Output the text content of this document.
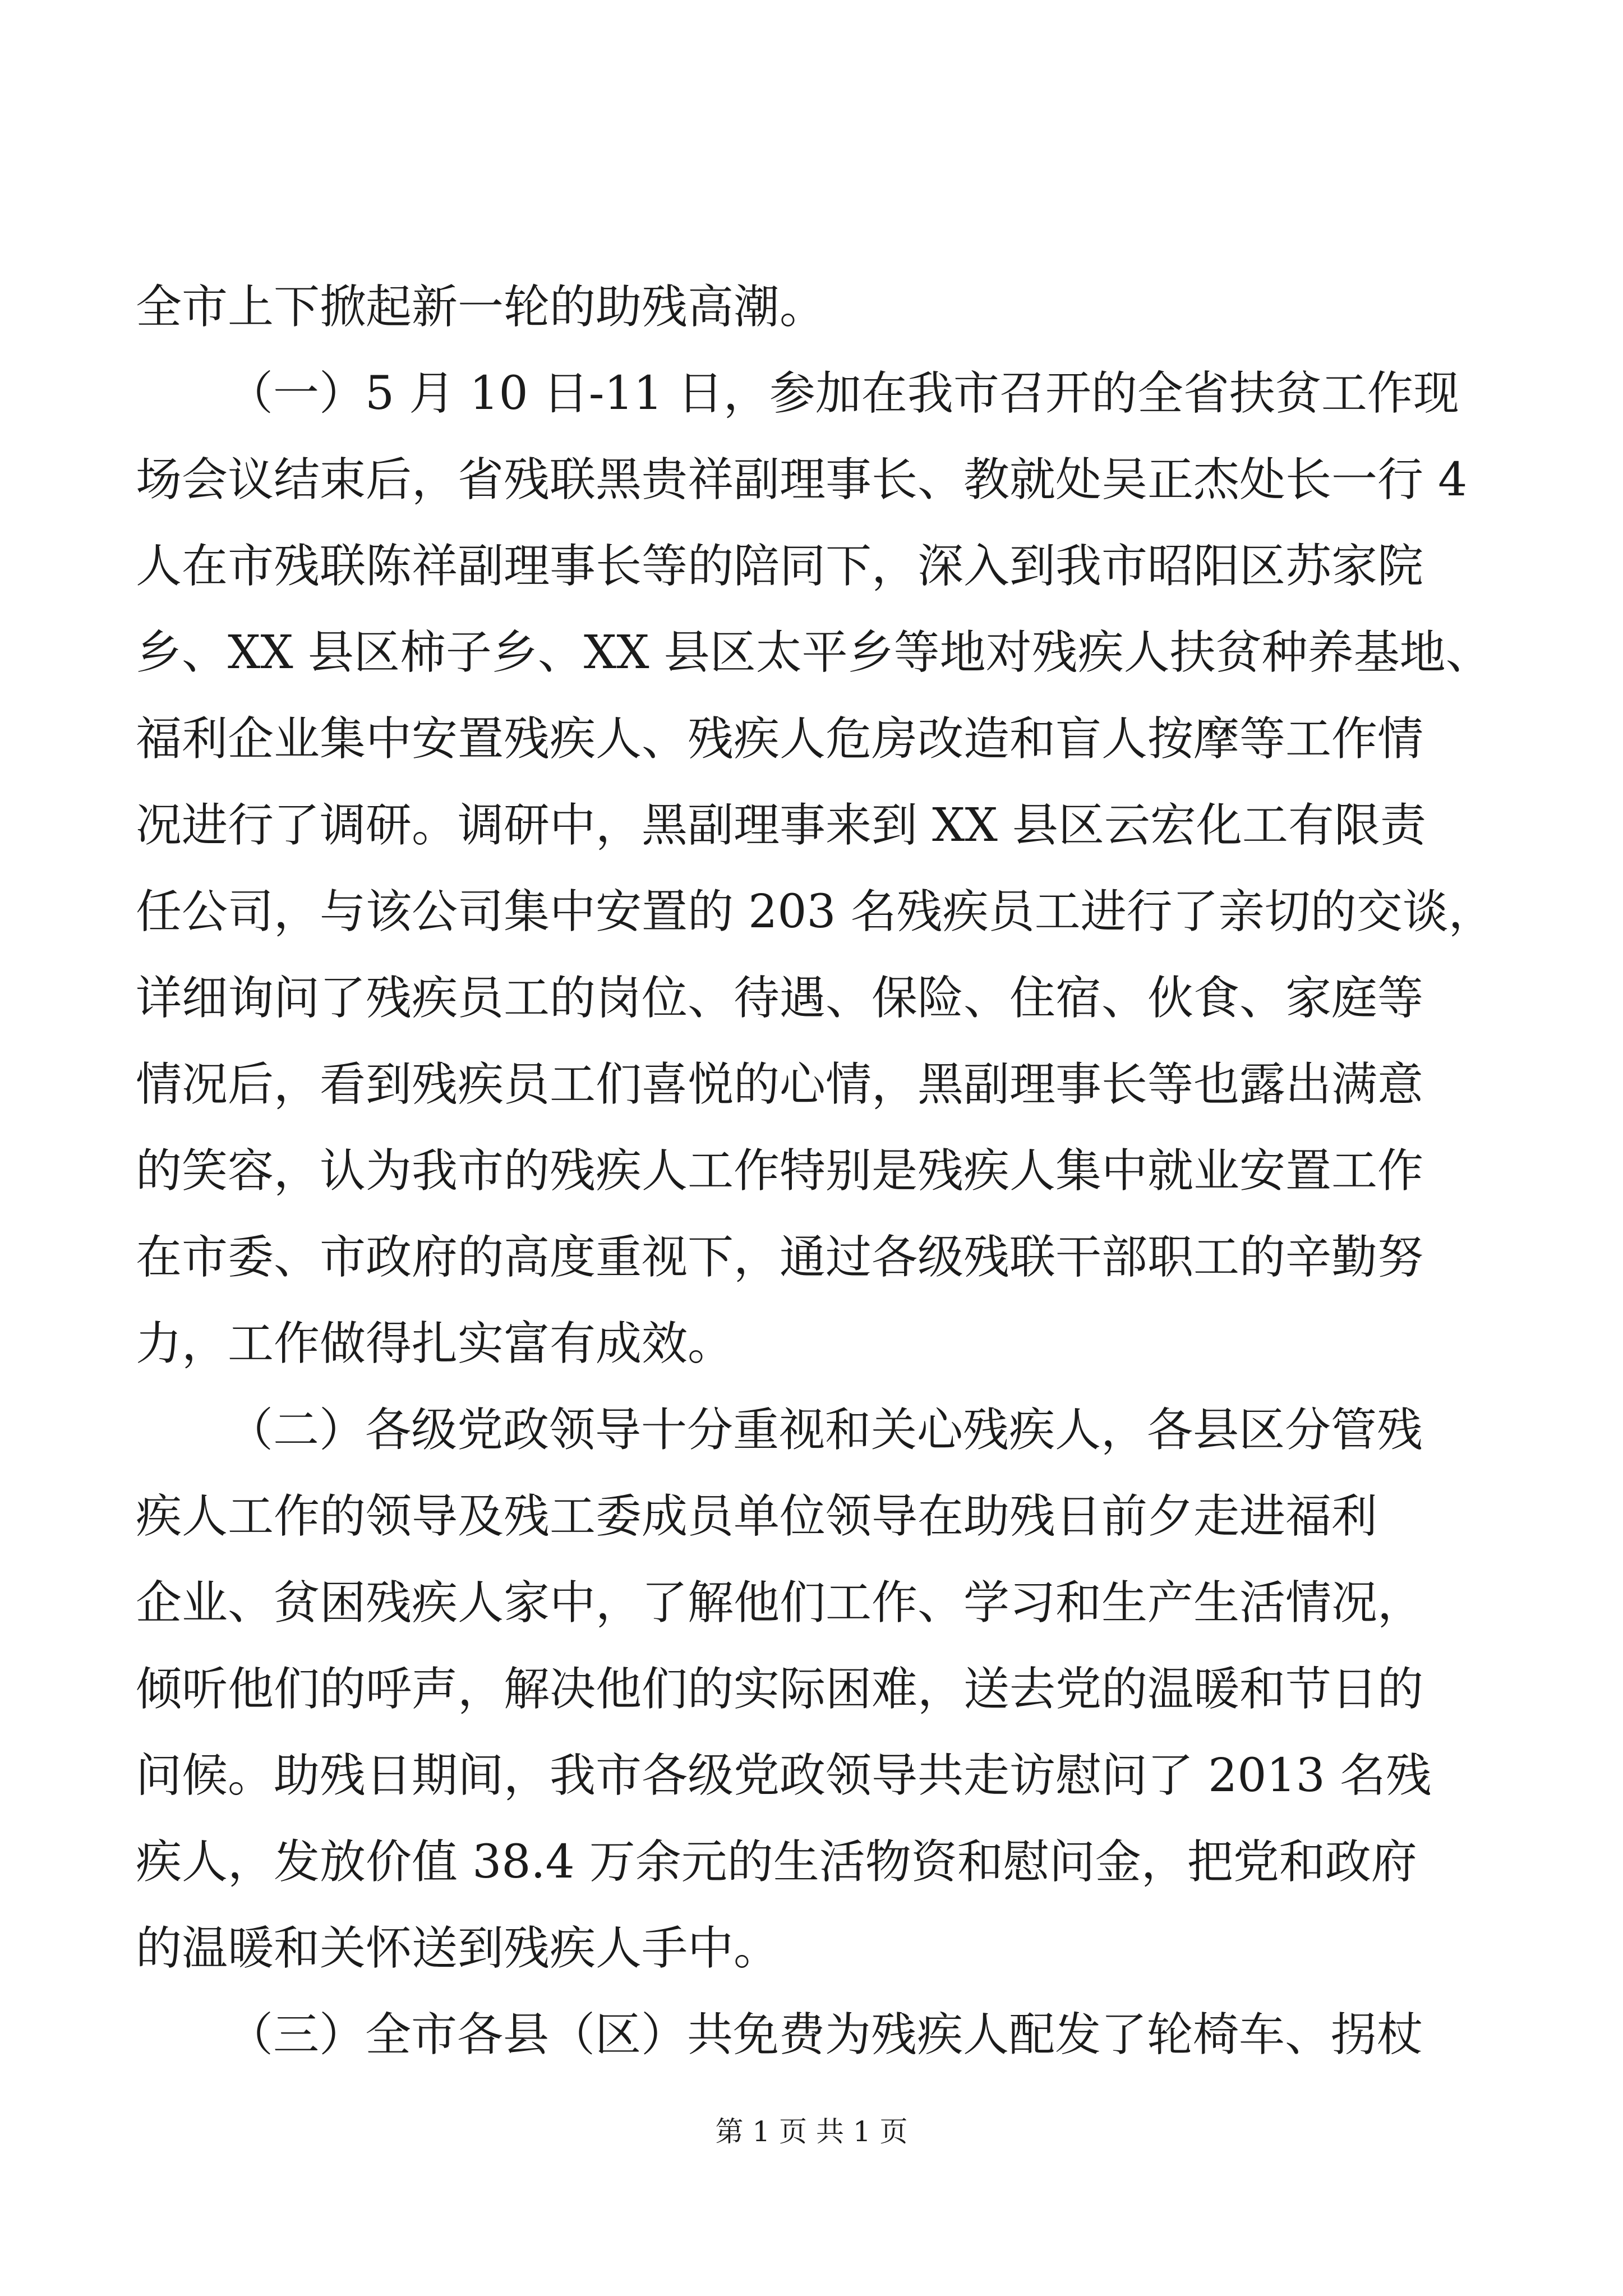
全市上下掀起新一轮的助残高潮。

（一）5 月 10 日-11 日，参加在我市召开的全省扶贫工作现

场会议结束后，省残联黑贵祥副理事长、教就处吴正杰处长一行 4

人在市残联陈祥副理事长等的陪同下，深入到我市昭阳区苏家院

乡、XX 县区柿子乡、XX 县区太平乡等地对残疾人扶贫种养基地、

福利企业集中安置残疾人、残疾人危房改造和盲人按摩等工作情

况进行了调研。调研中，黑副理事来到 XX 县区云宏化工有限责

任公司，与该公司集中安置的 203 名残疾员工进行了亲切的交谈，

详细询问了残疾员工的岗位、待遇、保险、住宿、伙食、家庭等

情况后，看到残疾员工们喜悦的心情，黑副理事长等也露出满意

的笑容，认为我市的残疾人工作特别是残疾人集中就业安置工作

在市委、市政府的高度重视下，通过各级残联干部职工的辛勤努

力，工作做得扎实富有成效。

（二）各级党政领导十分重视和关心残疾人，各县区分管残

疾人工作的领导及残工委成员单位领导在助残日前夕走进福利

企业、贫困残疾人家中，了解他们工作、学习和生产生活情况，

倾听他们的呼声，解决他们的实际困难，送去党的温暖和节日的

问候。助残日期间，我市各级党政领导共走访慰问了 2013 名残

疾人，发放价值 38.4 万余元的生活物资和慰问金，把党和政府

的温暖和关怀送到残疾人手中。

（三）全市各县（区）共免费为残疾人配发了轮椅车、拐杖

第 1 页 共 1 页
